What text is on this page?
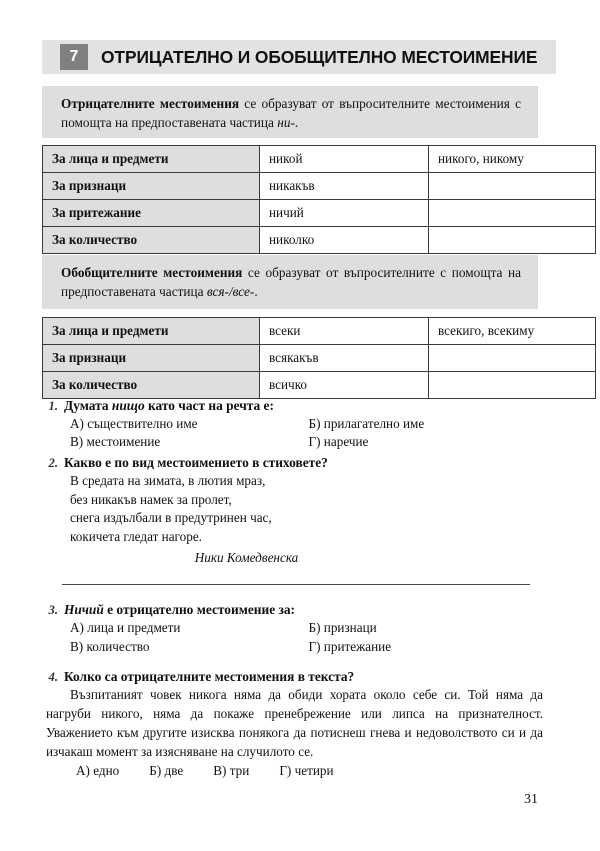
7	ОТРИЦАТЕЛНО И ОБОБЩИТЕЛНО МЕСТОИМЕНИЕ
Отрицателните местоимения се образуват от въпросителните местоимения с помощта на предпоставената частица ни-.
За лица и предмети	никой	никого, никому
За признаци	никакъв	
За притежание	ничий	
За количество	николко	
Обобщителните местоимения се образуват от въпросителните с помощта на предпоставената частица вся-/все-.
За лица и предмети	всеки	всекиго, всекиму
За признаци	всякакъв	
За количество	всичко	
1. Думата нищо като част на речта е:
А) съществително име	Б) прилагателно име
В) местоимение	Г) наречие
2. Какво е по вид местоимението в стиховете?
В средата на зимата, в лютия мраз,
без никакъв намек за пролет,
снега издълбали в предутринен час,
кокичета гледат нагоре.
Ники Комедвенска
3. Ничий е отрицателно местоимение за:
А) лица и предмети	Б) признаци
В) количество	Г) притежание
4. Колко са отрицателните местоимения в текста?
Възпитаният човек никога няма да обиди хората около себе си. Той няма да нагруби никого, няма да покаже пренебрежение или липса на признателност. Уважението към другите изисква понякога да потиснеш гнева и недоволството си и да изчакаш момент за изясняване на случилото се.
А) едно Б) две В) три Г) четири
31
